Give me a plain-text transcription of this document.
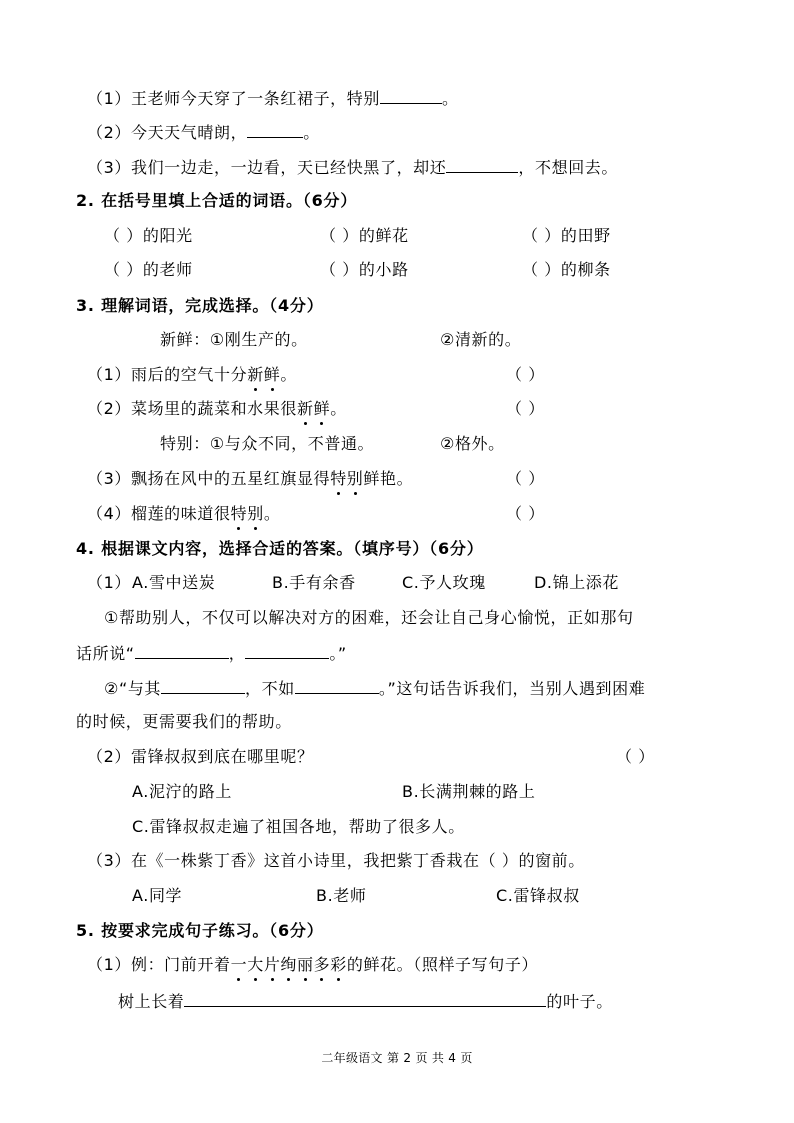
（1）王老师今天穿了一条红裙子，特别	。
（2）今天天气晴朗，	。
（3）我们一边走，一边看，天已经快黑了，却还	，不想回去。
2. 在括号里填上合适的词语。（6分）
（ ）的阳光	（ ）的鲜花	（ ）的田野
（ ）的老师	（ ）的小路	（ ）的柳条
3. 理解词语，完成选择。（4分）
新鲜：①刚生产的。	②清新的。
（1）雨后的空气十分新鲜。	（ ）
（2）菜场里的蔬菜和水果很新鲜。	（ ）
特别：①与众不同，不普通。	②格外。
（3）飘扬在风中的五星红旗显得特别鲜艳。	（ ）
（4）榴莲的味道很特别。	（ ）
4. 根据课文内容，选择合适的答案。（填序号）（6分）
（1） A.雪中送炭	B.手有余香	C.予人玫瑰	D.锦上添花
①帮助别人，不仅可以解决对方的困难，还会让自己身心愉悦，正如那句
话所说“	，	。”
②“与其	，不如	。”这句话告诉我们，当别人遇到困难
的时候，更需要我们的帮助。
（2）雷锋叔叔到底在哪里呢？	（ ）
A.泥泞的路上	B.长满荆棘的路上
C.雷锋叔叔走遍了祖国各地，帮助了很多人。
（3）在《一株紫丁香》这首小诗里，我把紫丁香栽在（ ）的窗前。
A.同学	B.老师	C.雷锋叔叔
5. 按要求完成句子练习。（6分）
（1）例：门前开着一大片绚丽多彩的鲜花。（照样子写句子）
树上长着	的叶子。
二年级语文 第 2 页 共 4 页
